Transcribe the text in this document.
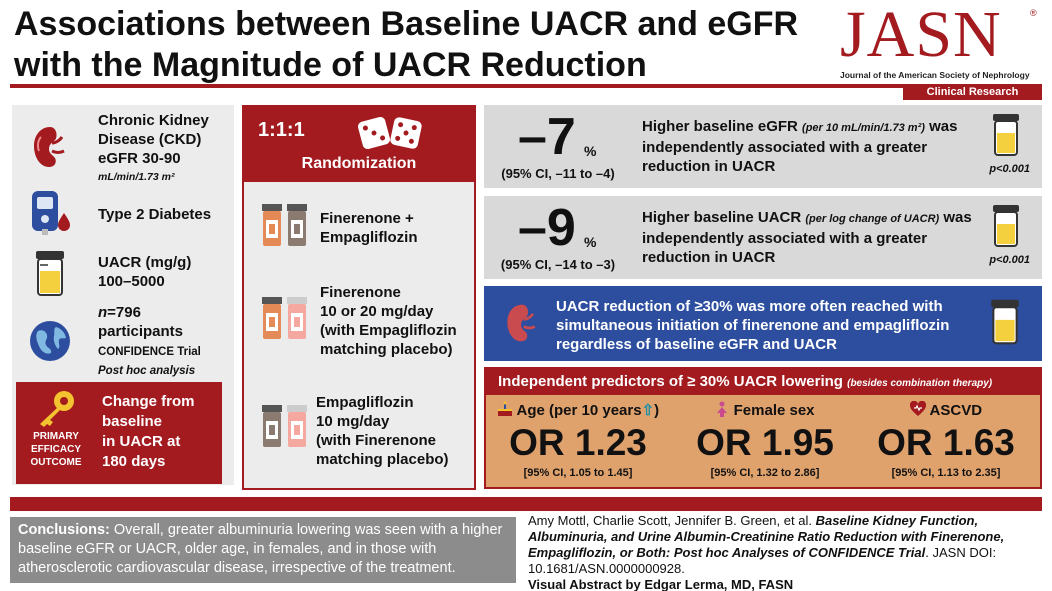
Associations between Baseline UACR and eGFR
with the Magnitude of UACR Reduction	JASN	®
Journal of the American Society of Nephrology
Clinical Research
Chronic Kidney
Disease (CKD)
eGFR 30-90
mL/min/1.73 m²
Type 2 Diabetes
UACR (mg/g)
100–5000
n=796
participants
CONFIDENCE Trial
Post hoc analysis
PRIMARY
EFFICACY
OUTCOME
Change from
baseline
in UACR at
180 days
1:1:1
Randomization
Finerenone +
Empagliflozin
Finerenone
10 or 20 mg/day
(with Empagliflozin
matching placebo)
Empagliflozin
10 mg/day
(with Finerenone
matching placebo)
–7 %
(95% CI, –11 to –4)
Higher baseline eGFR (per 10 mL/min/1.73 m²) was independently associated with a greater reduction in UACR	p<0.001
–9 %
(95% CI, –14 to –3)
Higher baseline UACR (per log change of UACR) was independently associated with a greater reduction in UACR	p<0.001
UACR reduction of ≥30% was more often reached with simultaneous initiation of finerenone and empagliflozin regardless of baseline eGFR and UACR
Independent predictors of ≥ 30% UACR lowering (besides combination therapy)
Age (per 10 years⇧)
OR 1.23
[95% CI, 1.05 to 1.45]
Female sex
OR 1.95
[95% CI, 1.32 to 2.86]
ASCVD
OR 1.63
[95% CI, 1.13 to 2.35]
Conclusions: Overall, greater albuminuria lowering was seen with a higher baseline eGFR or UACR, older age, in females, and in those with atherosclerotic cardiovascular disease, irrespective of the treatment.
Amy Mottl, Charlie Scott, Jennifer B. Green, et al. Baseline Kidney Function, Albuminuria, and Urine Albumin-Creatinine Ratio Reduction with Finerenone, Empagliflozin, or Both: Post hoc Analyses of CONFIDENCE Trial. JASN DOI: 10.1681/ASN.0000000928.
Visual Abstract by Edgar Lerma, MD, FASN
